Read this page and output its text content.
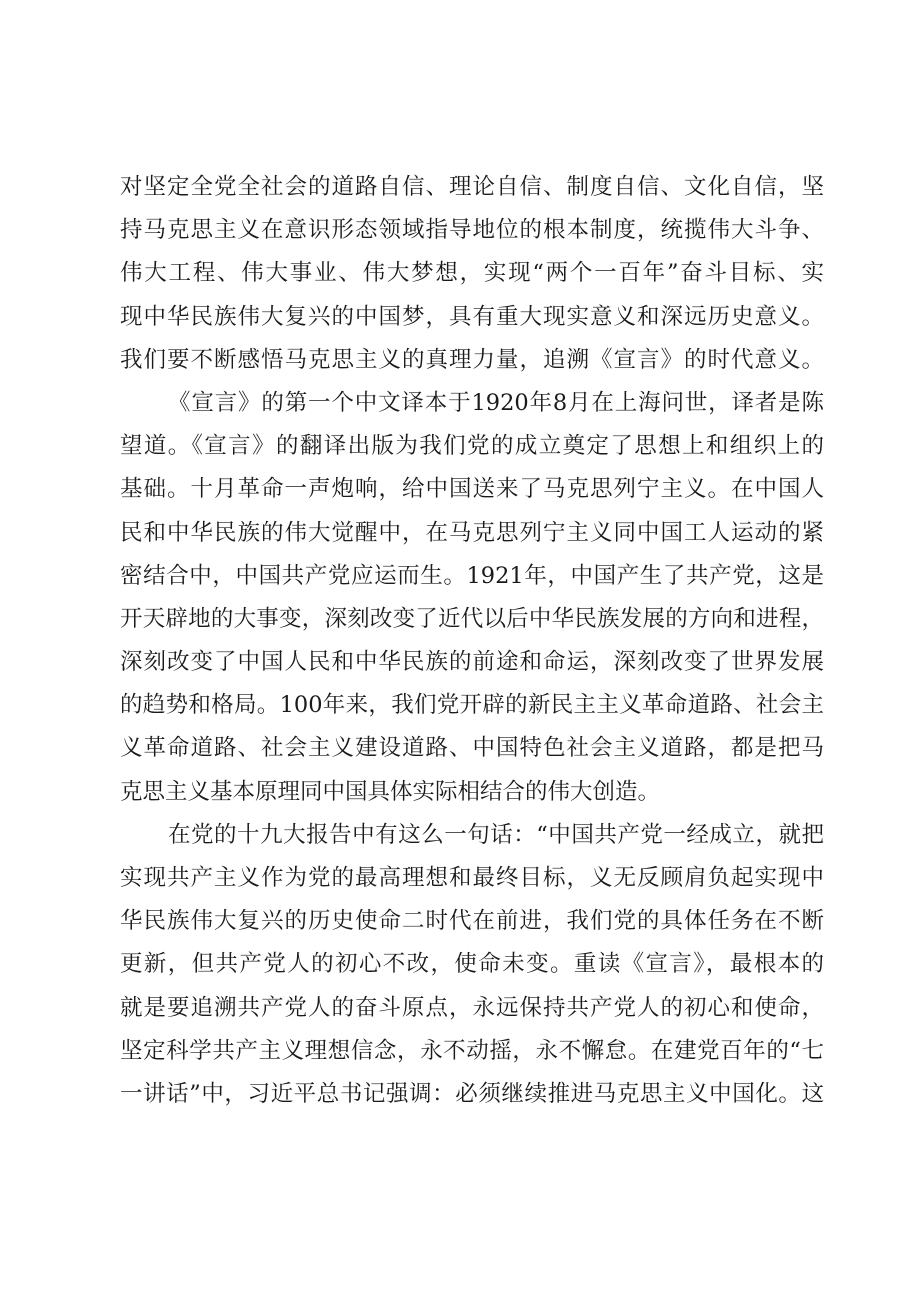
对坚定全党全社会的道路自信、理论自信、制度自信、文化自信，坚
持马克思主义在意识形态领域指导地位的根本制度，统揽伟大斗争、
伟大工程、伟大事业、伟大梦想，实现“两个一百年”奋斗目标、实
现中华民族伟大复兴的中国梦，具有重大现实意义和深远历史意义。
我们要不断感悟马克思主义的真理力量，追溯《宣言》的时代意义。
《宣言》的第一个中文译本于1920年8月在上海问世，译者是陈
望道。《宣言》的翻译出版为我们党的成立奠定了思想上和组织上的
基础。十月革命一声炮响，给中国送来了马克思列宁主义。在中国人
民和中华民族的伟大觉醒中，在马克思列宁主义同中国工人运动的紧
密结合中，中国共产党应运而生。1921年，中国产生了共产党，这是
开天辟地的大事变，深刻改变了近代以后中华民族发展的方向和进程，
深刻改变了中国人民和中华民族的前途和命运，深刻改变了世界发展
的趋势和格局。100年来，我们党开辟的新民主主义革命道路、社会主
义革命道路、社会主义建设道路、中国特色社会主义道路，都是把马
克思主义基本原理同中国具体实际相结合的伟大创造。
在党的十九大报告中有这么一句话：“中国共产党一经成立，就把
实现共产主义作为党的最高理想和最终目标，义无反顾肩负起实现中
华民族伟大复兴的历史使命二时代在前进，我们党的具体任务在不断
更新，但共产党人的初心不改，使命未变。重读《宣言》，最根本的
就是要追溯共产党人的奋斗原点，永远保持共产党人的初心和使命，
坚定科学共产主义理想信念，永不动摇，永不懈怠。在建党百年的“七
一讲话”中，习近平总书记强调：必须继续推进马克思主义中国化。这
